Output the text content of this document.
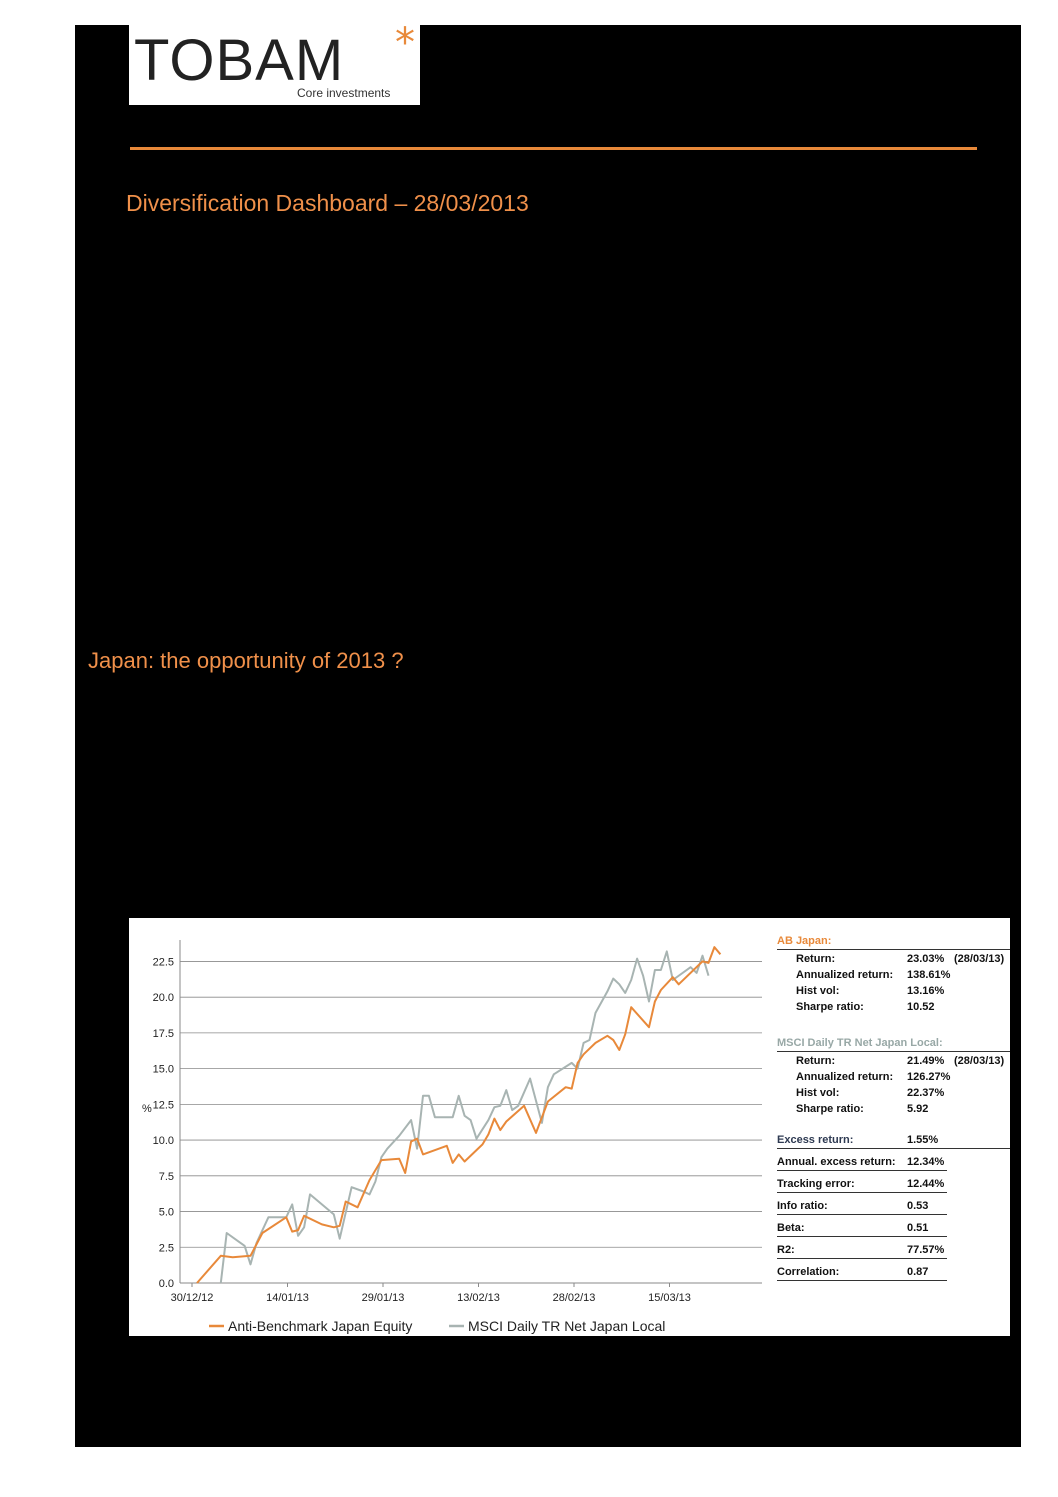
TOBAM *
Core investments
Diversification Dashboard – 28/03/2013
Japan: the opportunity of 2013 ?
0.0
2.5
5.0
7.5
10.0
12.5
15.0
17.5
20.0
22.5
%
30/12/12	14/01/13	29/01/13	13/02/13	28/02/13	15/03/13
Anti-Benchmark Japan Equity	MSCI Daily TR Net Japan Local
AB Japan:
Return:	23.03% (28/03/13)
Annualized return: 138.61%
Hist vol:	13.16%
Sharpe ratio:	10.52
MSCI Daily TR Net Japan Local:
Return:	21.49% (28/03/13)
Annualized return: 126.27%
Hist vol:	22.37%
Sharpe ratio:	5.92
Excess return:	1.55%
Annual. excess return: 12.34%
Tracking error:	12.44%
Info ratio:	0.53
Beta:	0.51
R2:	77.57%
Correlation:	0.87
